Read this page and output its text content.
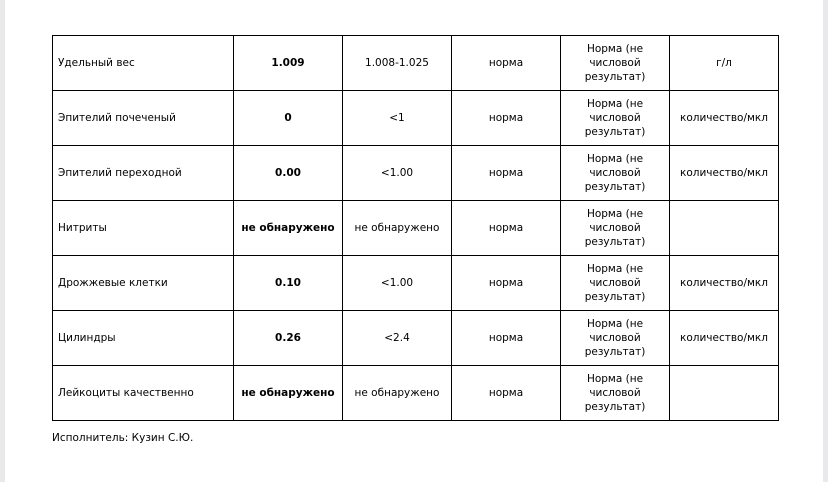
Удельный вес	1.009	1.008-1.025	норма	Норма (не числовой результат)	г/л
Эпителий почеченый	0	<1	норма	Норма (не числовой результат)	количество/мкл
Эпителий переходной	0.00	<1.00	норма	Норма (не числовой результат)	количество/мкл
Нитриты	не обнаружено	не обнаружено	норма	Норма (не числовой результат)	
Дрожжевые клетки	0.10	<1.00	норма	Норма (не числовой результат)	количество/мкл
Цилиндры	0.26	<2.4	норма	Норма (не числовой результат)	количество/мкл
Лейкоциты качественно	не обнаружено	не обнаружено	норма	Норма (не числовой результат)	
Исполнитель: Кузин С.Ю.
